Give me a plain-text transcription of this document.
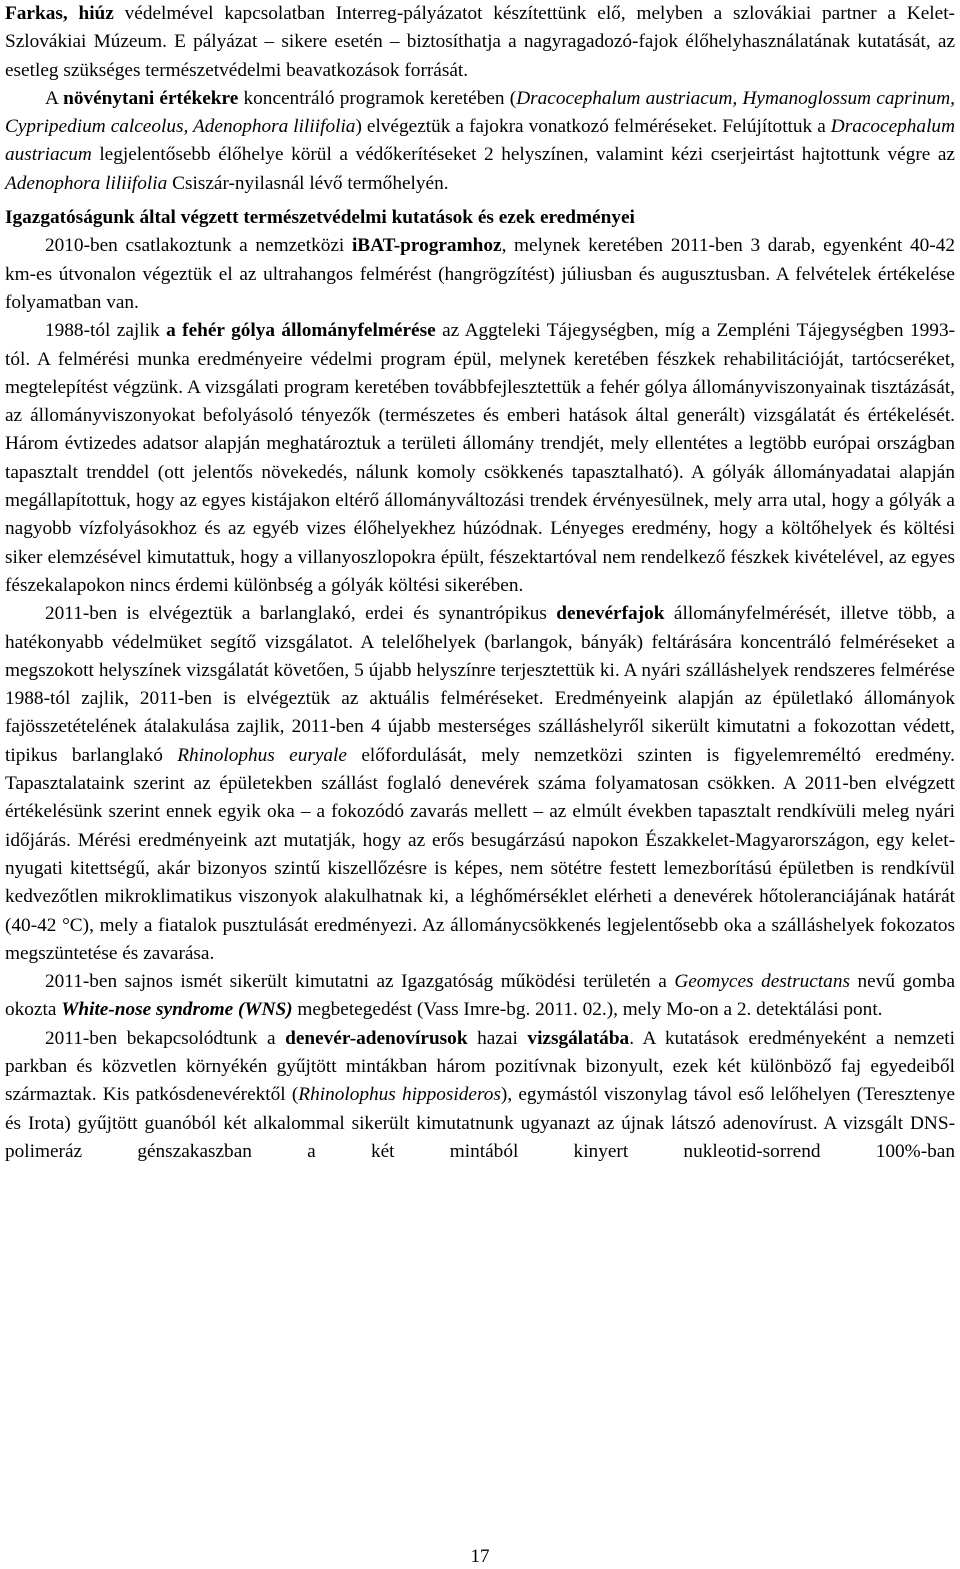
Farkas, hiúz védelmével kapcsolatban Interreg-pályázatot készítettünk elő, melyben a szlovákiai partner a Kelet-Szlovákiai Múzeum. E pályázat – sikere esetén – biztosíthatja a nagyragadozó-fajok élőhelyhasználatának kutatását, az esetleg szükséges természetvédelmi beavatkozások forrását.

A növénytani értékekre koncentráló programok keretében (Dracocephalum austriacum, Hymanoglossum caprinum, Cypripedium calceolus, Adenophora liliifolia) elvégeztük a fajokra vonatkozó felméréseket. Felújítottuk a Dracocephalum austriacum legjelentősebb élőhelye körül a védőkerítéseket 2 helyszínen, valamint kézi cserjeirtást hajtottunk végre az Adenophora liliifolia Csiszár-nyilasnál lévő termőhelyén.

Igazgatóságunk által végzett természetvédelmi kutatások és ezek eredményei

2010-ben csatlakoztunk a nemzetközi iBAT-programhoz, melynek keretében 2011-ben 3 darab, egyenként 40-42 km-es útvonalon végeztük el az ultrahangos felmérést (hangrögzítést) júliusban és augusztusban. A felvételek értékelése folyamatban van.

1988-tól zajlik a fehér gólya állományfelmérése az Aggteleki Tájegységben, míg a Zempléni Tájegységben 1993-tól. A felmérési munka eredményeire védelmi program épül, melynek keretében fészkek rehabilitációját, tartócseréket, megtelepítést végzünk. A vizsgálati program keretében továbbfejlesztettük a fehér gólya állományviszonyainak tisztázását, az állományviszonyokat befolyásoló tényezők (természetes és emberi hatások által generált) vizsgálatát és értékelését. Három évtizedes adatsor alapján meghatároztuk a területi állomány trendjét, mely ellentétes a legtöbb európai országban tapasztalt trenddel (ott jelentős növekedés, nálunk komoly csökkenés tapasztalható). A gólyák állományadatai alapján megállapítottuk, hogy az egyes kistájakon eltérő állományváltozási trendek érvényesülnek, mely arra utal, hogy a gólyák a nagyobb vízfolyásokhoz és az egyéb vizes élőhelyekhez húzódnak. Lényeges eredmény, hogy a költőhelyek és költési siker elemzésével kimutattuk, hogy a villanyoszlopokra épült, fészektartóval nem rendelkező fészkek kivételével, az egyes fészekalapokon nincs érdemi különbség a gólyák költési sikerében.

2011-ben is elvégeztük a barlanglakó, erdei és synantrópikus denevérfajok állományfelmérését, illetve több, a hatékonyabb védelmüket segítő vizsgálatot. A telelőhelyek (barlangok, bányák) feltárására koncentráló felméréseket a megszokott helyszínek vizsgálatát követően, 5 újabb helyszínre terjesztettük ki. A nyári szálláshelyek rendszeres felmérése 1988-tól zajlik, 2011-ben is elvégeztük az aktuális felméréseket. Eredményeink alapján az épületlakó állományok fajösszetételének átalakulása zajlik, 2011-ben 4 újabb mesterséges szálláshelyről sikerült kimutatni a fokozottan védett, tipikus barlanglakó Rhinolophus euryale előfordulását, mely nemzetközi szinten is figyelemreméltó eredmény. Tapasztalataink szerint az épületekben szállást foglaló denevérek száma folyamatosan csökken. A 2011-ben elvégzett értékelésünk szerint ennek egyik oka – a fokozódó zavarás mellett – az elmúlt években tapasztalt rendkívüli meleg nyári időjárás. Mérési eredményeink azt mutatják, hogy az erős besugárzású napokon Északkelet-Magyarországon, egy kelet-nyugati kitettségű, akár bizonyos szintű kiszellőzésre is képes, nem sötétre festett lemezborítású épületben is rendkívül kedvezőtlen mikroklimatikus viszonyok alakulhatnak ki, a léghőmérséklet elérheti a denevérek hőtoleranciájának határát (40-42 °C), mely a fiatalok pusztulását eredményezi. Az állománycsökkenés legjelentősebb oka a szálláshelyek fokozatos megszüntetése és zavarása.

2011-ben sajnos ismét sikerült kimutatni az Igazgatóság működési területén a Geomyces destructans nevű gomba okozta White-nose syndrome (WNS) megbetegedést (Vass Imre-bg. 2011. 02.), mely Mo-on a 2. detektálási pont.

2011-ben bekapcsolódtunk a denevér-adenovírusok hazai vizsgálatába. A kutatások eredményeként a nemzeti parkban és közvetlen környékén gyűjtött mintákban három pozitívnak bizonyult, ezek két különböző faj egyedeiből származtak. Kis patkósdenevérektől (Rhinolophus hipposideros), egymástól viszonylag távol eső lelőhelyen (Teresztenye és Irota) gyűjtött guanóból két alkalommal sikerült kimutatnunk ugyanazt az újnak látszó adenovírust. A vizsgált DNS-polimeráz génszakaszban a két mintából kinyert nukleotid-sorrend 100%-ban

17
